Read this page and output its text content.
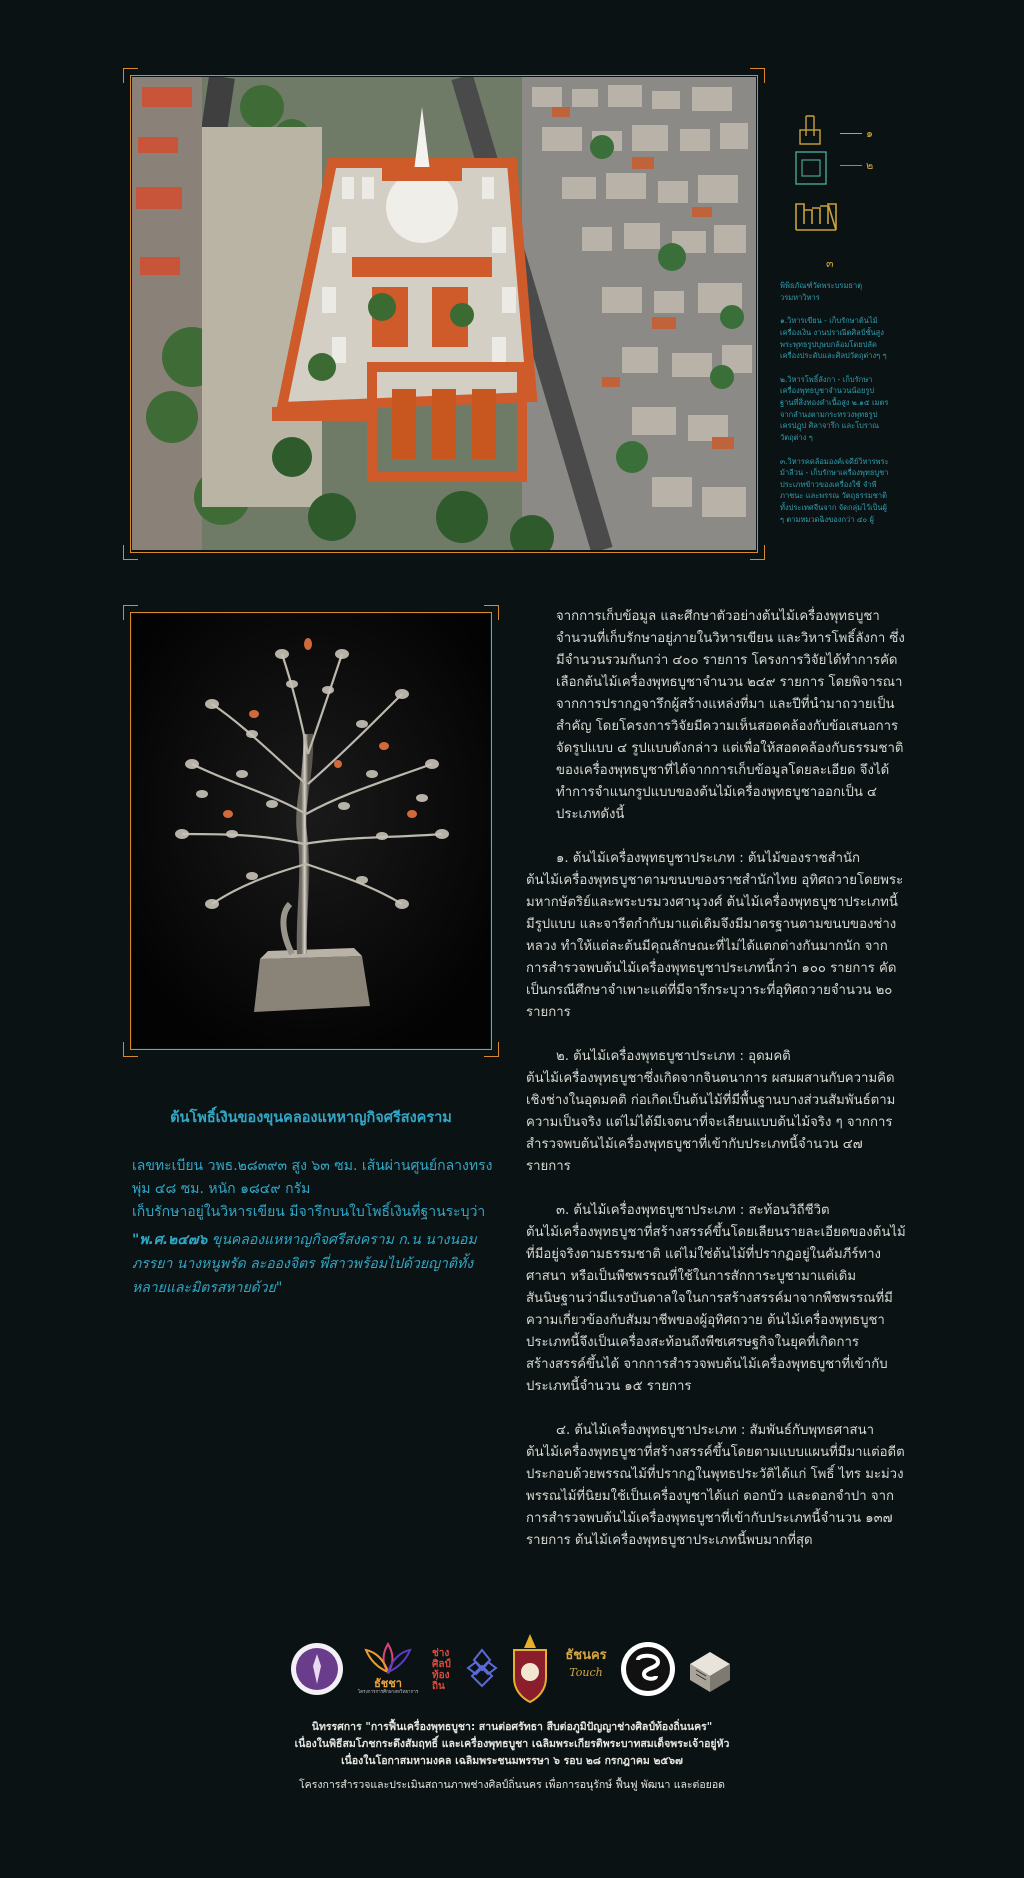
๑
๒
๓

พิพิธภัณฑ์วัดพระบรมธาตุวรมหาวิหาร

๑.วิหารเขียน - เก็บรักษาต้นไม้เครื่องเงิน งานปราณีตศิลป์ชั้นสูง พระพุทธรูปบุษบกล้อมโดยปลัด เครื่องประดับและศิลปวัตถุต่างๆ ๆ

๒.วิหารโพธิ์ลังกา - เก็บรักษาเครื่องพุทธบูชาจำนวนน้อยรูป ฐานที่สิ่งทองคำเนื้อสูง ๒.๑๕ เมตรจากลำนงตามกระทรวงพุทธรูป เครปฏุป ศิลาจารึก และโบราณวัตถุต่าง ๆ

๓.วิหารคดล้อมองค์เจดีย์วิหารพระม้าลีวน - เก็บรักษาเครื่องพุทธบูชาประเภทข้าวของเครื่องใช้ จำพี ภาชนะ และพรรณ วัตถุธรรมชาติทั้งประเทศจีนจาก จัดกลุ่มไว้เป็นผู้ ๆ ตามหมวดฉิงของกว่า ๔๐ ผู้

ต้นโพธิ์เงินของขุนคลองแหหาญกิจศรีสงคราม
เลขทะเบียน วพธ.๒๘๓๙๓ สูง ๖๓ ซม. เส้นผ่านศูนย์กลางทรงพุ่ม ๔๘ ซม. หนัก ๑๘๔๙ กรัม
เก็บรักษาอยู่ในวิหารเขียน มีจารึกบนใบโพธิ์เงินที่ฐานระบุว่า
"พ.ศ.๒๔๗๖ ขุนคลองแหหาญกิจศรีสงคราม ก.น นางนอม ภรรยา นางหนูพรัด ละอองจิตร พี่สาวพร้อมไปด้วยญาติทั้งหลายและมิตรสหายด้วย"

จากการเก็บข้อมูล และศึกษาตัวอย่างต้นไม้เครื่องพุทธบูชาจำนวนที่เก็บรักษาอยู่ภายในวิหารเขียน และวิหารโพธิ์ลังกา ซึ่งมีจำนวนรวมกันกว่า ๔๐๐ รายการ โครงการวิจัยได้ทำการคัดเลือกต้นไม้เครื่องพุทธบูชาจำนวน ๒๔๙ รายการ โดยพิจารณาจากการปรากฏจารึกผู้สร้างแหล่งที่มา และปีที่นำมาถวายเป็นสำคัญ โดยโครงการวิจัยมีความเห็นสอดคล้องกับข้อเสนอการจัดรูปแบบ ๔ รูปแบบดังกล่าว แต่เพื่อให้สอดคล้องกับธรรมชาติของเครื่องพุทธบูชาที่ได้จากการเก็บข้อมูลโดยละเอียด จึงได้ทำการจำแนกรูปแบบของต้นไม้เครื่องพุทธบูชาออกเป็น ๔ ประเภทดังนี้

๑. ต้นไม้เครื่องพุทธบูชาประเภท : ต้นไม้ของราชสำนัก
ต้นไม้เครื่องพุทธบูชาตามขนบของราชสำนักไทย อุทิศถวายโดยพระมหากษัตริย์และพระบรมวงศานุวงศ์ ต้นไม้เครื่องพุทธบูชาประเภทนี้มีรูปแบบ และจารีตกำกับมาแต่เดิมจึงมีมาตรฐานตามขนบของช่างหลวง ทำให้แต่ละต้นมีคุณลักษณะที่ไม่ได้แตกต่างกันมากนัก จากการสำรวจพบต้นไม้เครื่องพุทธบูชาประเภทนี้กว่า ๑๐๐ รายการ คัดเป็นกรณีศึกษาจำเพาะแต่ที่มีจารึกระบุวาระที่อุทิศถวายจำนวน ๒๐ รายการ

๒. ต้นไม้เครื่องพุทธบูชาประเภท : อุดมคติ
ต้นไม้เครื่องพุทธบูชาซึ่งเกิดจากจินตนาการ ผสมผสานกับความคิดเชิงช่างในอุดมคติ ก่อเกิดเป็นต้นไม้ที่มีพื้นฐานบางส่วนสัมพันธ์ตามความเป็นจริง แต่ไม่ได้มีเจตนาที่จะเลียนแบบต้นไม้จริง ๆ จากการสำรวจพบต้นไม้เครื่องพุทธบูชาที่เข้ากับประเภทนี้จำนวน ๔๗ รายการ

๓. ต้นไม้เครื่องพุทธบูชาประเภท : สะท้อนวิถีชีวิต
ต้นไม้เครื่องพุทธบูชาที่สร้างสรรค์ขึ้นโดยเลียนรายละเอียดของต้นไม้ที่มีอยู่จริงตามธรรมชาติ แต่ไม่ใช่ต้นไม้ที่ปรากฏอยู่ในคัมภีร์ทางศาสนา หรือเป็นพืชพรรณที่ใช้ในการสักการะบูชามาแต่เดิม สันนิษฐานว่ามีแรงบันดาลใจในการสร้างสรรค์มาจากพืชพรรณที่มีความเกี่ยวข้องกับสัมมาชีพของผู้อุทิศถวาย ต้นไม้เครื่องพุทธบูชาประเภทนี้จึงเป็นเครื่องสะท้อนถึงพืชเศรษฐกิจในยุคที่เกิดการสร้างสรรค์ขึ้นได้ จากการสำรวจพบต้นไม้เครื่องพุทธบูชาที่เข้ากับประเภทนี้จำนวน ๑๕ รายการ

๔. ต้นไม้เครื่องพุทธบูชาประเภท : สัมพันธ์กับพุทธศาสนา
ต้นไม้เครื่องพุทธบูชาที่สร้างสรรค์ขึ้นโดยตามแบบแผนที่มีมาแต่อดีต ประกอบด้วยพรรณไม้ที่ปรากฏในพุทธประวัติได้แก่ โพธิ์ ไทร มะม่วง พรรณไม้ที่นิยมใช้เป็นเครื่องบูชาได้แก่ ดอกบัว และดอกจำปา จากการสำรวจพบต้นไม้เครื่องพุทธบูชาที่เข้ากับประเภทนี้จำนวน ๑๓๗ รายการ ต้นไม้เครื่องพุทธบูชาประเภทนี้พบมากที่สุด

ธัชชา
โครงการการศึกษาสหวิทยาการ
ช่าง ศิลป์ ท้องถิ่น
ธัชนคร
Touch
นิทรรศการ "การฟื้นเครื่องพุทธบูชา: สานต่อศรัทธา สืบต่อภูมิปัญญาช่างศิลป์ท้องถิ่นนคร"
เนื่องในพิธีสมโภชกระดึงสัมฤทธิ์ และเครื่องพุทธบูชา เฉลิมพระเกียรติพระบาทสมเด็จพระเจ้าอยู่หัว
เนื่องในโอกาสมหามงคล เฉลิมพระชนมพรรษา ๖ รอบ ๒๘ กรกฎาคม ๒๕๖๗
โครงการสำรวจและประเมินสถานภาพช่างศิลป์ถิ่นนคร เพื่อการอนุรักษ์ ฟื้นฟู พัฒนา และต่อยอด
